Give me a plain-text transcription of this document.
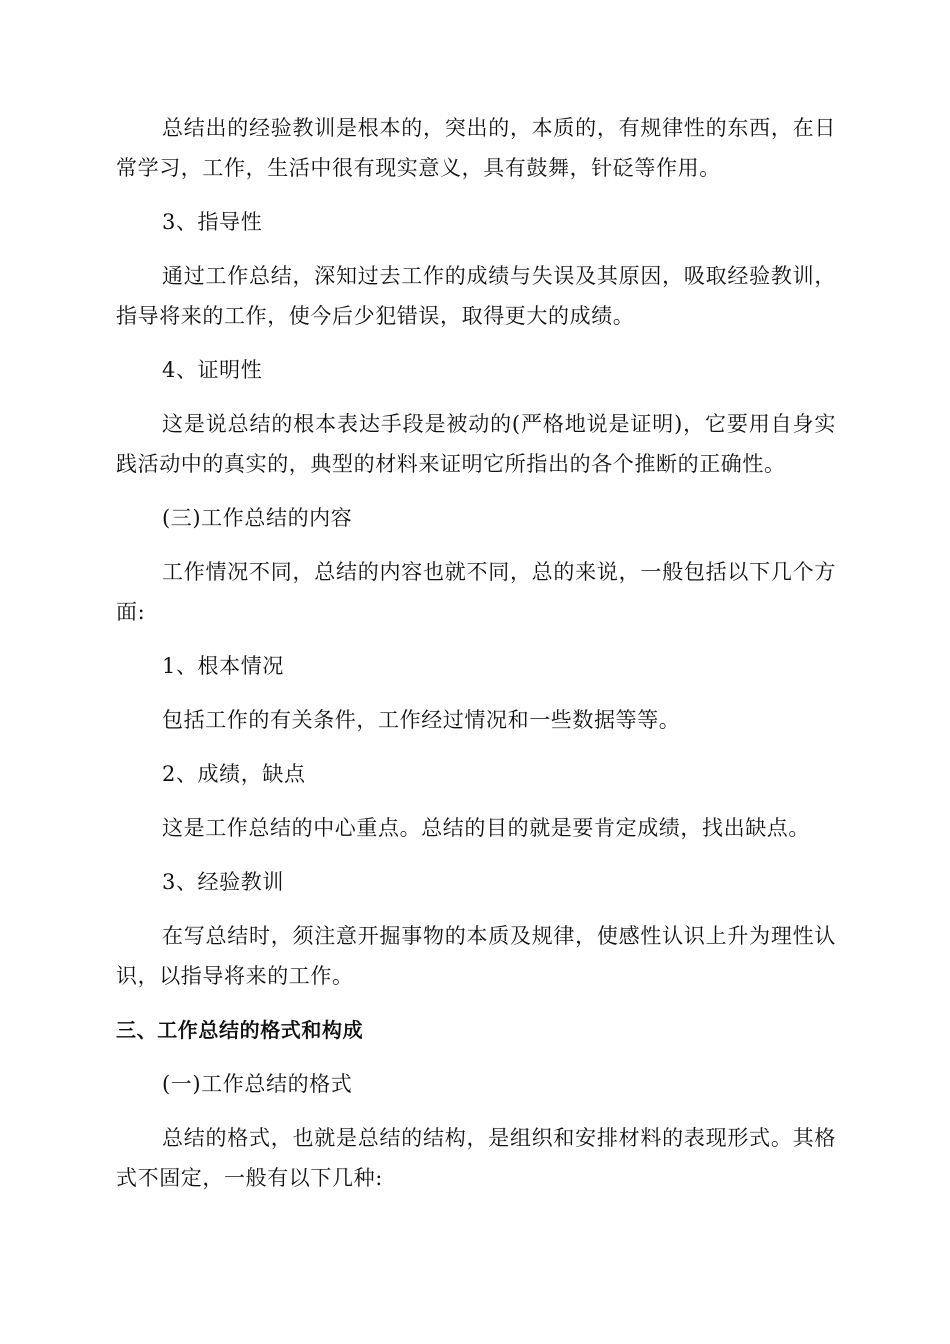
总结出的经验教训是根本的，突出的，本质的，有规律性的东西，在日常学习，工作，生活中很有现实意义，具有鼓舞，针砭等作用。

3、指导性

通过工作总结，深知过去工作的成绩与失误及其原因，吸取经验教训，指导将来的工作，使今后少犯错误，取得更大的成绩。

4、证明性

这是说总结的根本表达手段是被动的(严格地说是证明)，它要用自身实践活动中的真实的，典型的材料来证明它所指出的各个推断的正确性。

(三)工作总结的内容

工作情况不同，总结的内容也就不同，总的来说，一般包括以下几个方面:

1、根本情况

包括工作的有关条件，工作经过情况和一些数据等等。

2、成绩，缺点

这是工作总结的中心重点。总结的目的就是要肯定成绩，找出缺点。

3、经验教训

在写总结时，须注意开掘事物的本质及规律，使感性认识上升为理性认识，以指导将来的工作。

三、工作总结的格式和构成

(一)工作总结的格式

总结的格式，也就是总结的结构，是组织和安排材料的表现形式。其格式不固定，一般有以下几种:
